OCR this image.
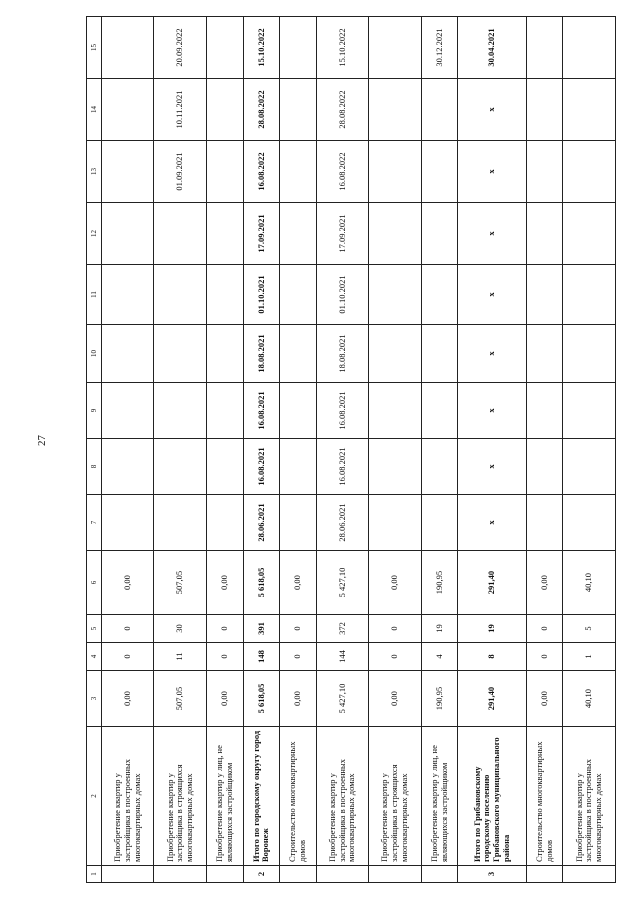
27
1	2	3	4	5	6	7	8	9	10	11	12	13	14	15
	Приобретение квартир у застройщика в построенных многоквартирных домах	0,00	0	0	0,00									
	Приобретение квартир у застройщика в строящихся многоквартирных домах	507,05	11	30	507,05							01.09.2021	10.11.2021	20.09.2022
	Приобретение квартир у лиц, не являющихся застройщиком	0,00	0	0	0,00									
2	Итого по городскому округу город Воронеж	5 618,05	148	391	5 618,05	28.06.2021	16.08.2021	16.08.2021	18.08.2021	01.10.2021	17.09.2021	16.08.2022	28.08.2022	15.10.2022
	Строительство многоквартирных домов	0,00	0	0	0,00									
	Приобретение квартир у застройщика в построенных многоквартирных домах	5 427,10	144	372	5 427,10	28.06.2021	16.08.2021	16.08.2021	18.08.2021	01.10.2021	17.09.2021	16.08.2022	28.08.2022	15.10.2022
	Приобретение квартир у застройщика в строящихся многоквартирных домах	0,00	0	0	0,00									
	Приобретение квартир у лиц, не являющихся застройщиком	190,95	4	19	190,95									30.12.2021
3	Итого по Грибановскому городскому поселению Грибановского муниципального района	291,40	8	19	291,40	x	x	x	x	x	x	x	x	30.04.2021
	Строительство многоквартирных домов	0,00	0	0	0,00									
	Приобретение квартир у застройщика в построенных многоквартирных домах	40,10	1	5	40,10									
